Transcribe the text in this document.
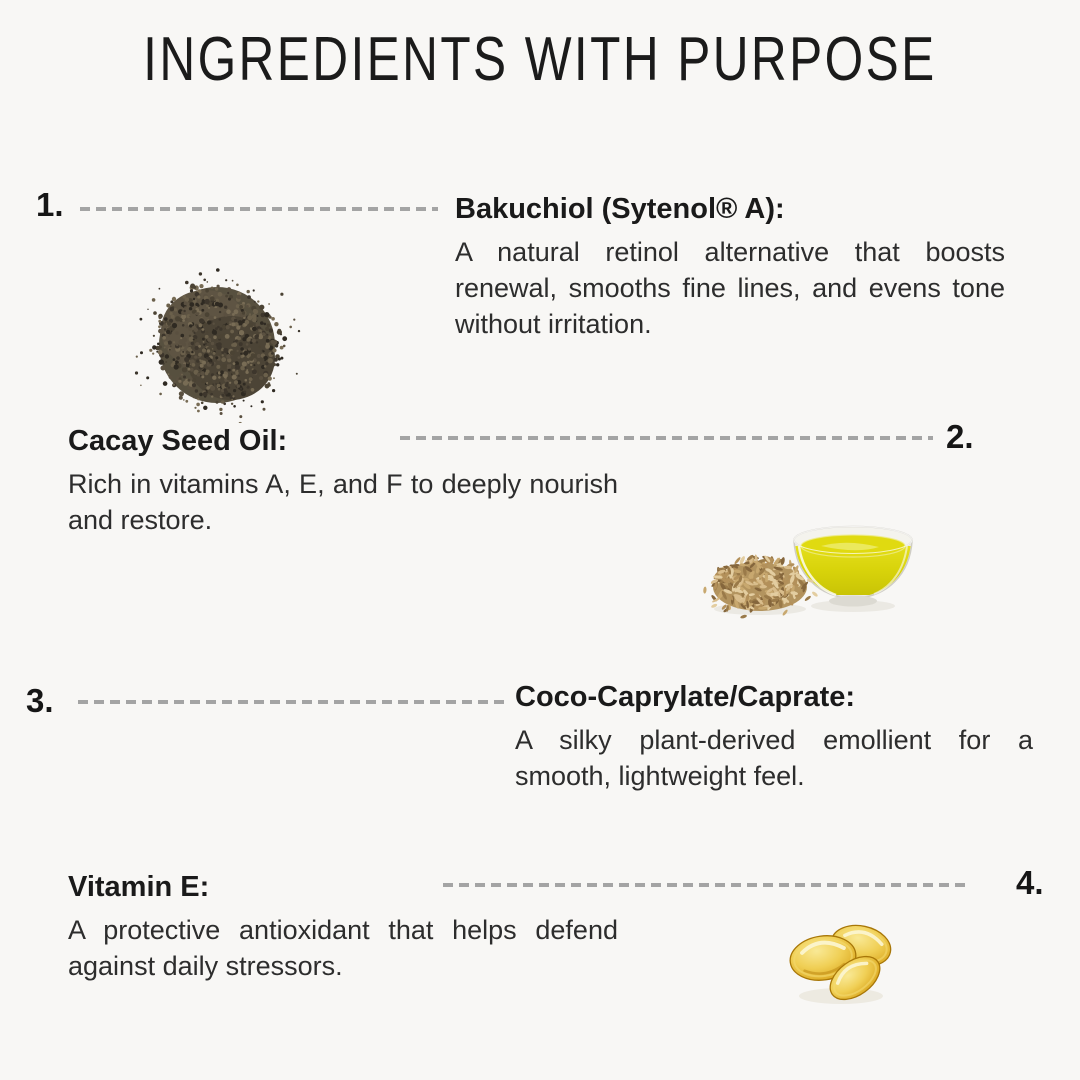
INGREDIENTS WITH PURPOSE
1.	Bakuchiol (Sytenol® A):

A natural retinol alternative that boosts renewal, smooths fine lines, and evens tone without irritation.

Cacay Seed Oil:	2.

Rich in vitamins A, E, and F to deeply nourish and restore.

3.	Coco-Caprylate/Caprate:

A silky plant-derived emollient for a smooth, lightweight feel.

Vitamin E:	4.

A protective antioxidant that helps defend against daily stressors.
